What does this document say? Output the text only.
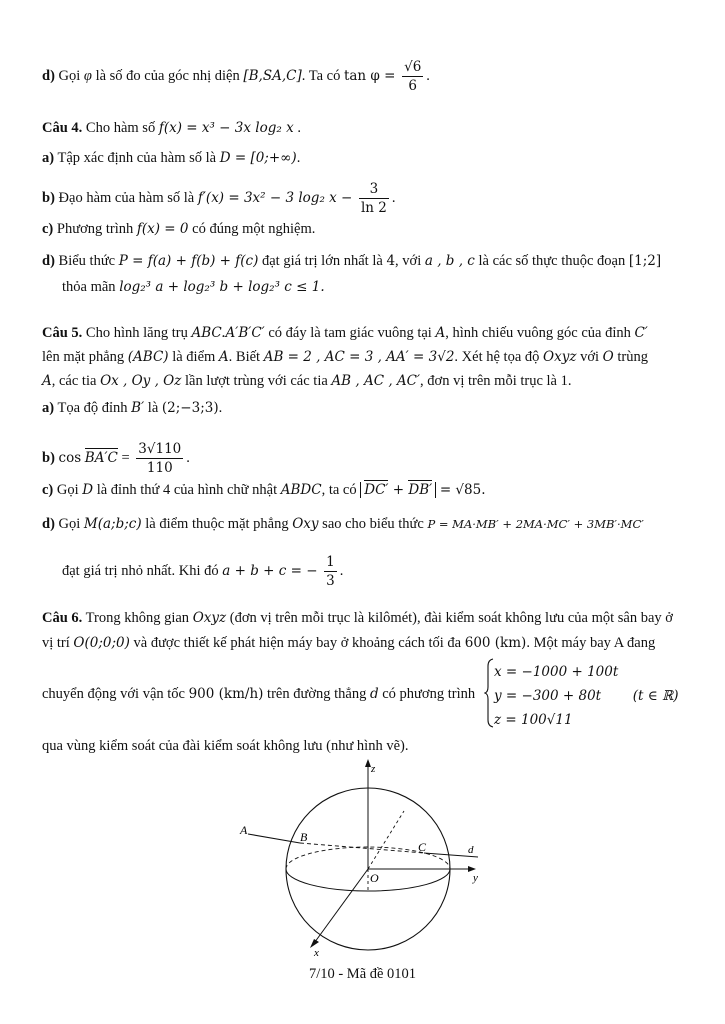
d) Gọi φ là số đo của góc nhị diện [B,SA,C]. Ta có $\tan \varphi = \frac{√6}{6}$ .
Câu 4. Cho hàm số f(x) = x³ − 3x log₂ x .
a) Tập xác định của hàm số là D = [0;+∞).
b) Đạo hàm của hàm số là f′(x) = 3x² − 3 log₂ $x - \frac{3}{\ln 2}$ .
c) Phương trình f(x) = 0 có đúng một nghiệm.
d) Biểu thức P = f(a) + f(b) + f(c) đạt giá trị lớn nhất là 4, với a , b , c là các số thực thuộc đoạn [1;2]
thỏa mãn log₂³ a + log₂³ b + log₂³ c ≤ 1.
Câu 5. Cho hình lăng trụ ABC.A′B′C′ có đáy là tam giác vuông tại A, hình chiếu vuông góc của đỉnh C′
lên mặt phẳng (ABC) là điểm A. Biết AB = 2 , AC = 3 , AA′ = 3√2. Xét hệ tọa độ Oxyz với O trùng
A, các tia Ox , Oy , Oz lần lượt trùng với các tia AB , AC , AC′, đơn vị trên mỗi trục là 1.
a) Tọa độ đỉnh B′ là (2;−3;3).
b) $\cos BA'C = \frac{3√110}{110}$ .
c) Gọi D là đỉnh thứ 4 của hình chữ nhật ABDC, ta có DC′ + DB′ = √85.
d) Gọi M(a;b;c) là điểm thuộc mặt phẳng Oxy sao cho biểu thức P = MA·MB′ + 2MA·MC′ + 3MB′·MC′
đạt giá trị nhỏ nhất. Khi đó a + b + c = − $\frac{1}{3}$ .
Câu 6. Trong không gian Oxyz (đơn vị trên mỗi trục là kilômét), đài kiểm soát không lưu của một sân bay ở
vị trí O(0;0;0) và được thiết kế phát hiện máy bay ở khoảng cách tối đa 600 (km). Một máy bay A đang
chuyển động với vận tốc 900 (km/h) trên đường thẳng d có phương trình
x = −1000 + 100t
y = −300 + 80t (t ∈ ℝ)
z = 100√11
qua vùng kiểm soát của đài kiểm soát không lưu (như hình vẽ).
z
y
x
O
A	B
C	d
7/10 - Mã đề 0101
